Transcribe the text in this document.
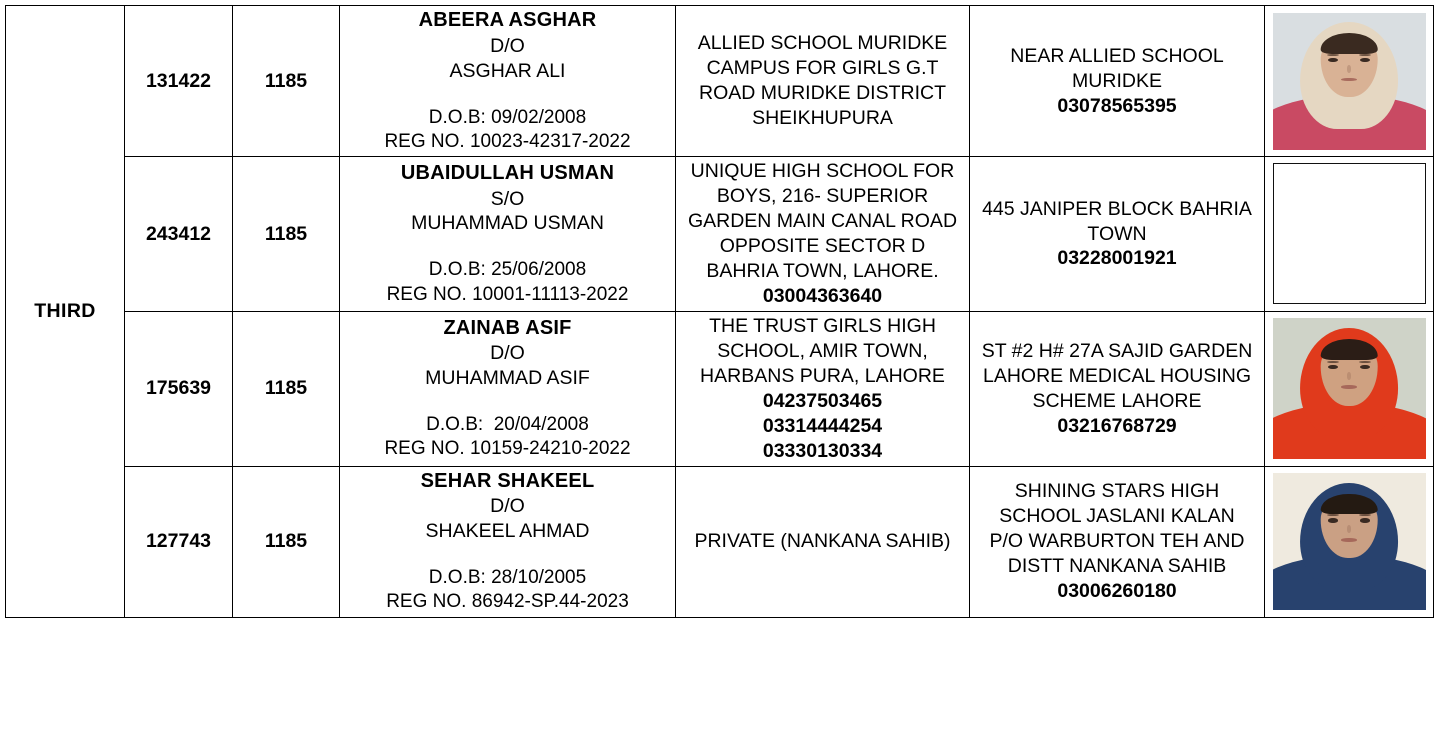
THIRD	131422	1185	
ABEERA ASGHAR
D/O
ASGHAR ALI
D.O.B: 09/02/2008
REG NO. 10023-42317-2022

ALLIED SCHOOL MURIDKE
CAMPUS FOR GIRLS G.T
ROAD MURIDKE DISTRICT
SHEIKHUPURA

NEAR ALLIED SCHOOL
MURIDKE
03078565395

243412	1185	
UBAIDULLAH USMAN
S/O
MUHAMMAD USMAN
D.O.B: 25/06/2008
REG NO. 10001-11113-2022

UNIQUE HIGH SCHOOL FOR
BOYS, 216- SUPERIOR
GARDEN MAIN CANAL ROAD
OPPOSITE SECTOR D
BAHRIA TOWN, LAHORE.
03004363640

445 JANIPER BLOCK BAHRIA
TOWN
03228001921

175639	1185	
ZAINAB ASIF
D/O
MUHAMMAD ASIF
D.O.B:  20/04/2008
REG NO. 10159-24210-2022

THE TRUST GIRLS HIGH
SCHOOL, AMIR TOWN,
HARBANS PURA, LAHORE
04237503465
03314444254
03330130334

ST #2 H# 27A SAJID GARDEN
LAHORE MEDICAL HOUSING
SCHEME LAHORE
03216768729

127743	1185	
SEHAR SHAKEEL
D/O
SHAKEEL AHMAD
D.O.B: 28/10/2005
REG NO. 86942-SP.44-2023

PRIVATE (NANKANA SAHIB)

SHINING STARS HIGH
SCHOOL JASLANI KALAN
P/O WARBURTON TEH AND
DISTT NANKANA SAHIB
03006260180
